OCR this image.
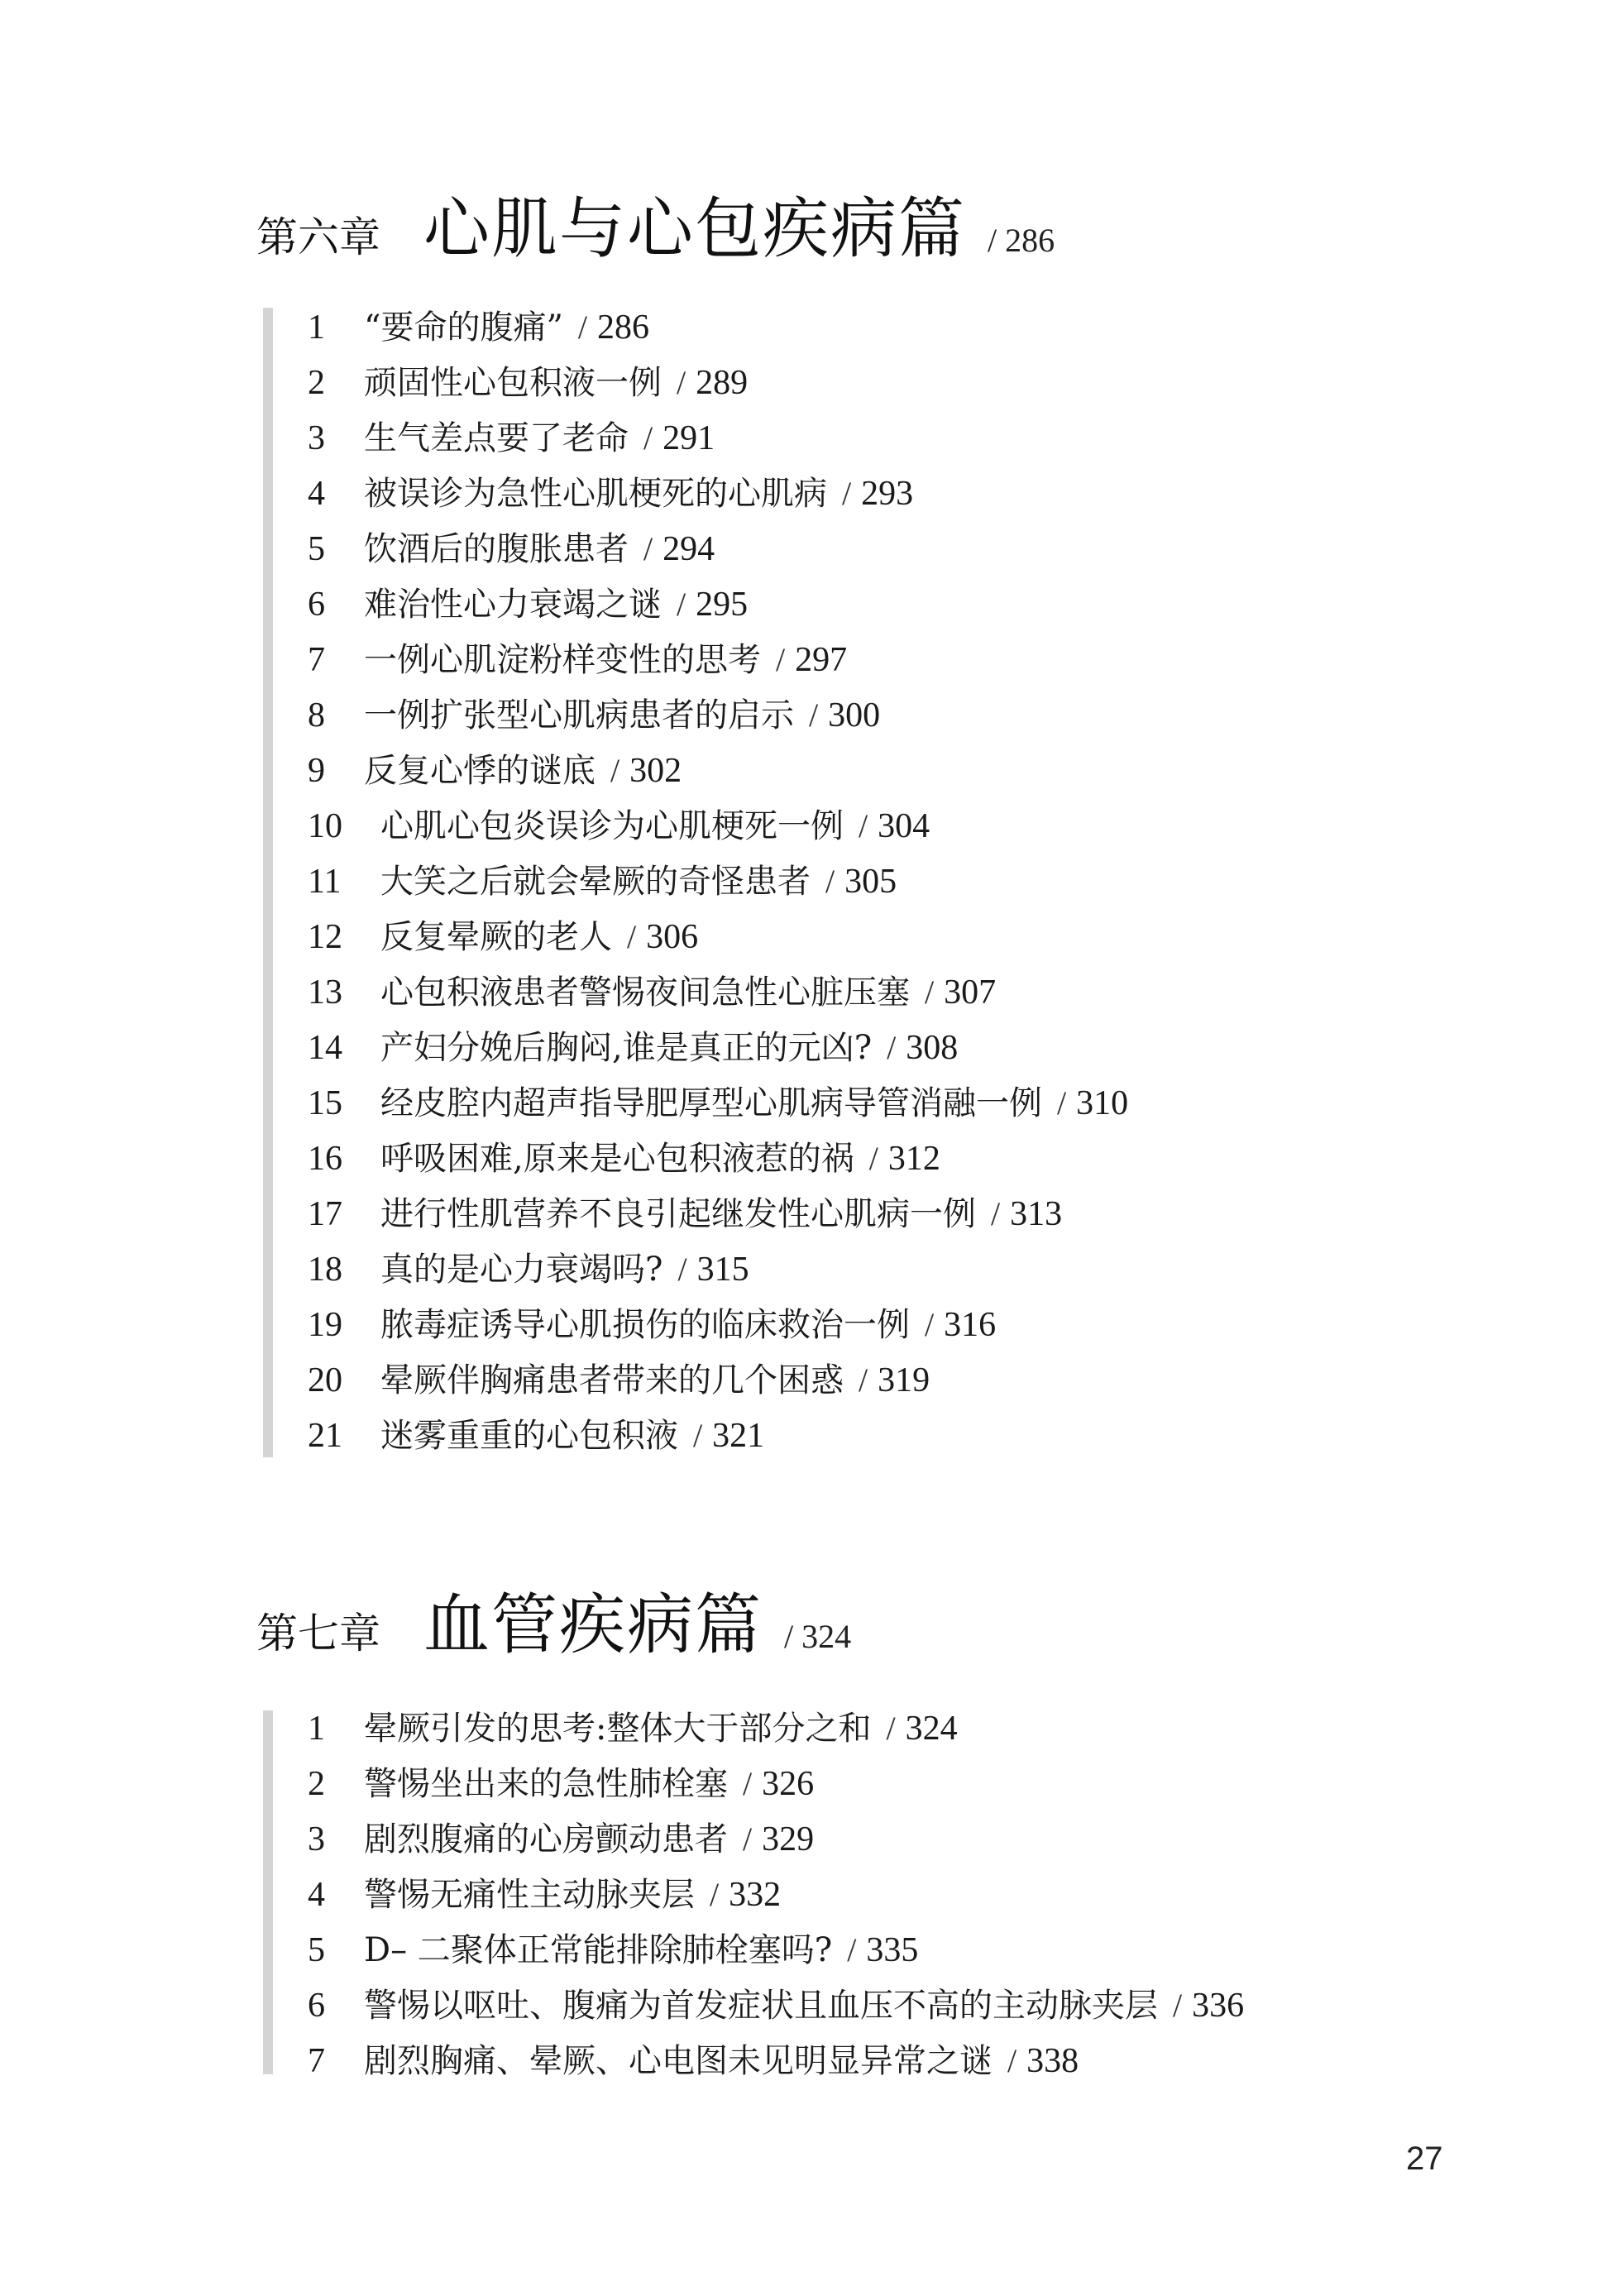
第六章 心肌与心包疾病篇 / 286
1 “要命的腹痛” / 286
2 顽固性心包积液一例 / 289
3 生气差点要了老命 / 291
4 被误诊为急性心肌梗死的心肌病 / 293
5 饮酒后的腹胀患者 / 294
6 难治性心力衰竭之谜 / 295
7 一例心肌淀粉样变性的思考 / 297
8 一例扩张型心肌病患者的启示 / 300
9 反复心悸的谜底 / 302
10 心肌心包炎误诊为心肌梗死一例 / 304
11 大笑之后就会晕厥的奇怪患者 / 305
12 反复晕厥的老人 / 306
13 心包积液患者警惕夜间急性心脏压塞 / 307
14 产妇分娩后胸闷,谁是真正的元凶? / 308
15 经皮腔内超声指导肥厚型心肌病导管消融一例 / 310
16 呼吸困难,原来是心包积液惹的祸 / 312
17 进行性肌营养不良引起继发性心肌病一例 / 313
18 真的是心力衰竭吗? / 315
19 脓毒症诱导心肌损伤的临床救治一例 / 316
20 晕厥伴胸痛患者带来的几个困惑 / 319
21 迷雾重重的心包积液 / 321
第七章 血管疾病篇 / 324
1 晕厥引发的思考:整体大于部分之和 / 324
2 警惕坐出来的急性肺栓塞 / 326
3 剧烈腹痛的心房颤动患者 / 329
4 警惕无痛性主动脉夹层 / 332
5 D– 二聚体正常能排除肺栓塞吗? / 335
6 警惕以呕吐、腹痛为首发症状且血压不高的主动脉夹层 / 336
7 剧烈胸痛、晕厥、心电图未见明显异常之谜 / 338
27
